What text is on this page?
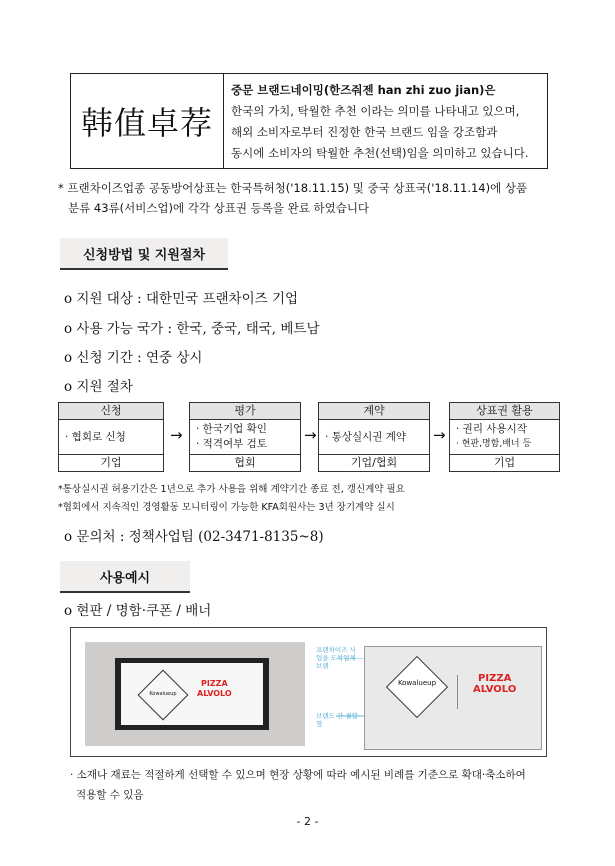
韩值卓荐
중문 브랜드네이밍(한즈줘젠 han zhi zuo jian)은
한국의 가치, 탁월한 추천 이라는 의미를 나타내고 있으며,
해외 소비자로부터 진정한 한국 브랜드 임을 강조함과
동시에 소비자의 탁월한 추천(선택)임을 의미하고 있습니다.
* 프랜차이즈업종 공동방어상표는 한국특허청('18.11.15) 및 중국 상표국('18.11.14)에 상품
분류 43류(서비스업)에 각각 상표권 등록을 완료 하였습니다
신청방법 및 지원절차
o 지원 대상 : 대한민국 프랜차이즈 기업
o 사용 가능 국가 : 한국, 중국, 태국, 베트남
o 신청 기간 : 연중 상시
o 지원 절차
신청
· 협회로 신청
기업
→
평가
· 한국기업 확인
· 적격여부 검토
협회
→
계약
· 통상실시권 계약
기업/협회
→
상표권 활용
· 권리 사용시작
· 현판,명함,배너 등
기업
*통상실시권 허용기간은 1년으로 추가 사용을 위해 계약기간 종료 전, 갱신계약 필요
*협회에서 지속적인 경영활동 모니터링이 가능한 KFA회원사는 3년 장기계약 실시
o 문의처 : 정책사업팀 (02-3471-8135~8)
사용예시
o 현판 / 명함·쿠폰 / 배너
Kowalueup
PIZZA
ALVOLO
프랜차이즈 사업을 도착업체 브랜
브랜드 간 결합형
Kowalueup	PIZZA
ALVOLO
· 소재나 재료는 적절하게 선택할 수 있으며 현장 상황에 따라 예시된 비례를 기준으로 확대·축소하여
적용할 수 있음
- 2 -
